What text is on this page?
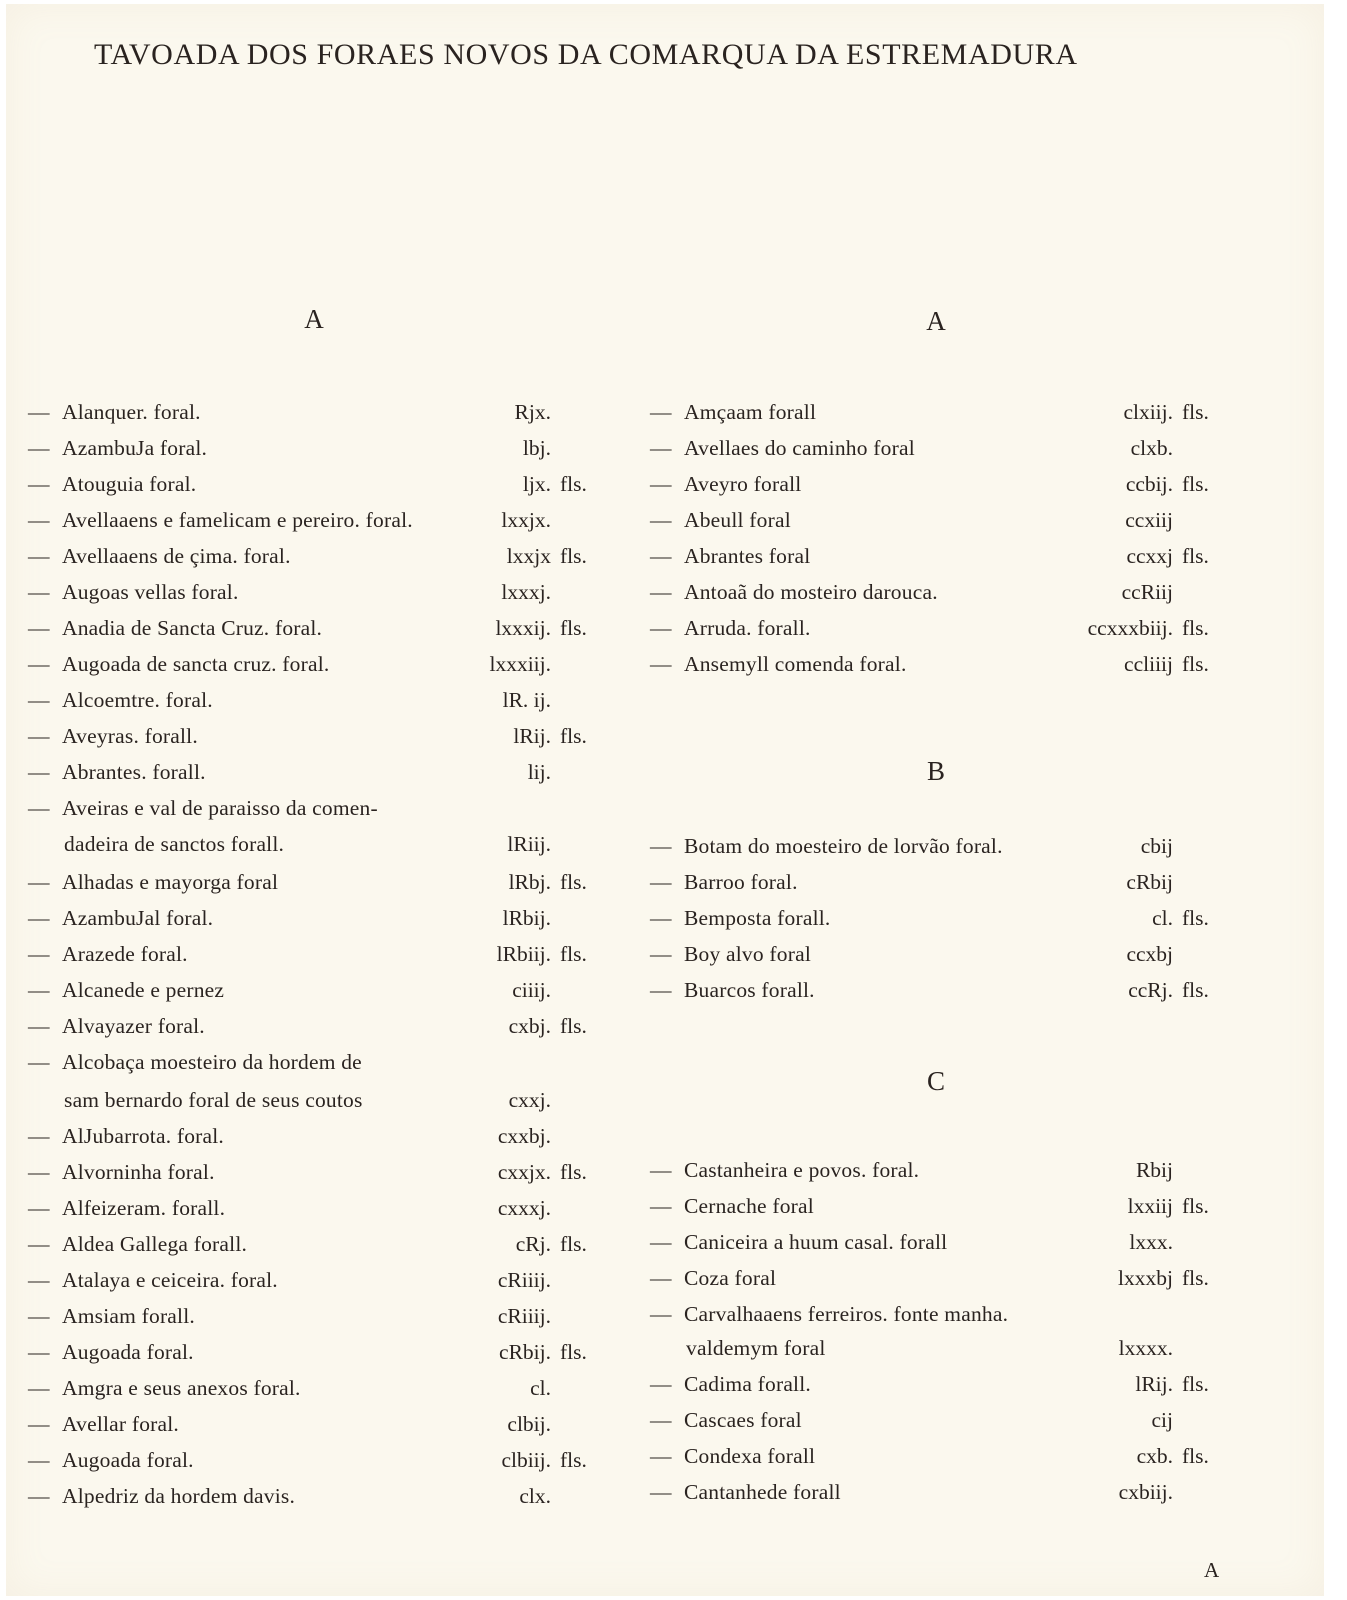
TAVOADA DOS FORAES NOVOS DA COMARQUA DA ESTREMADURA
A
— Alanquer. foral.	Rjx.
— AzambuJa foral.	lbj.
— Atouguia foral.	ljx. fls.
— Avellaaens e famelicam e pereiro. foral.	lxxjx.
— Avellaaens de çima. foral.	lxxjx fls.
— Augoas vellas foral.	lxxxj.
— Anadia de Sancta Cruz. foral.	lxxxij. fls.
— Augoada de sancta cruz. foral.	lxxxiij.
— Alcoemtre. foral.	lR. ij.
— Aveyras. forall.	lRij. fls.
— Abrantes. forall.	lij.
— Aveiras e val de paraisso da comen-
dadeira de sanctos forall.	lRiij.
— Alhadas e mayorga foral	lRbj. fls.
— AzambuJal foral.	lRbij.
— Arazede foral.	lRbiij. fls.
— Alcanede e pernez	ciiij.
— Alvayazer foral.	cxbj. fls.
— Alcobaça moesteiro da hordem de
sam bernardo foral de seus coutos	cxxj.
— AlJubarrota. foral.	cxxbj.
— Alvorninha foral.	cxxjx. fls.
— Alfeizeram. forall.	cxxxj.
— Aldea Gallega forall.	cRj. fls.
— Atalaya e ceiceira. foral.	cRiiij.
— Amsiam forall.	cRiiij.
— Augoada foral.	cRbij. fls.
— Amgra e seus anexos foral.	cl.
— Avellar foral.	clbij.
— Augoada foral.	clbiij. fls.
— Alpedriz da hordem davis.	clx.
A
— Amçaam forall	clxiij. fls.
— Avellaes do caminho foral	clxb.
— Aveyro forall	ccbij. fls.
— Abeull foral	ccxiij
— Abrantes foral	ccxxj fls.
— Antoaã do mosteiro darouca.	ccRiij
— Arruda. forall.	ccxxxbiij. fls.
— Ansemyll comenda foral.	ccliiij fls.
B
— Botam do moesteiro de lorvão foral.	cbij
— Barroo foral.	cRbij
— Bemposta forall.	cl. fls.
— Boy alvo foral	ccxbj
— Buarcos forall.	ccRj. fls.
C
— Castanheira e povos. foral.	Rbij
— Cernache foral	lxxiij fls.
— Caniceira a huum casal. forall	lxxx.
— Coza foral	lxxxbj fls.
— Carvalhaaens ferreiros. fonte manha.
valdemym foral	lxxxx.
— Cadima forall.	lRij. fls.
— Cascaes foral	cij
— Condexa forall	cxb. fls.
— Cantanhede forall	cxbiij.
A
